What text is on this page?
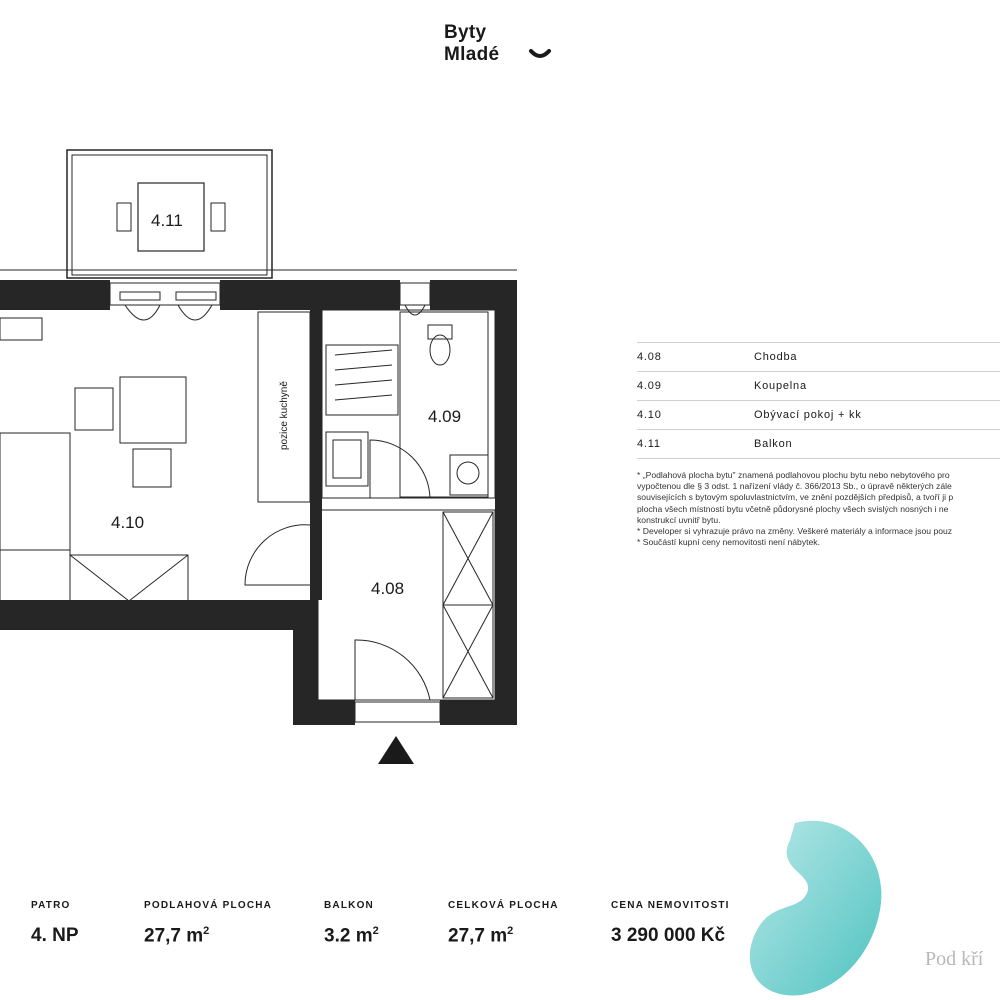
Byty
Mladé
4.11
pozice kuchyně
4.10
4.09
4.08
4.08	Chodba
4.09	Koupelna
4.10	Obývací pokoj + kk
4.11	Balkon
* „Podlahová plocha bytu" znamená podlahovou plochu bytu nebo nebytového pro
vypočtenou dle § 3 odst. 1 nařízení vlády č. 366/2013 Sb., o úpravě některých zále
souvisejících s bytovým spoluvlastnictvím, ve znění pozdějších předpisů, a tvoří ji p
plocha všech místností bytu včetně půdorysné plochy všech svislých nosných i ne
konstrukcí uvnitř bytu.
* Developer si vyhrazuje právo na změny. Veškeré materiály a informace jsou pouz
* Součástí kupní ceny nemovitosti není nábytek.
PATRO
4. NP
PODLAHOVÁ PLOCHA
27,7 $m^2$
BALKON
3.2 $m^2$
CELKOVÁ PLOCHA
27,7 $m^2$
CENA NEMOVITOSTI
3 290 000 Kč
Pod kří
